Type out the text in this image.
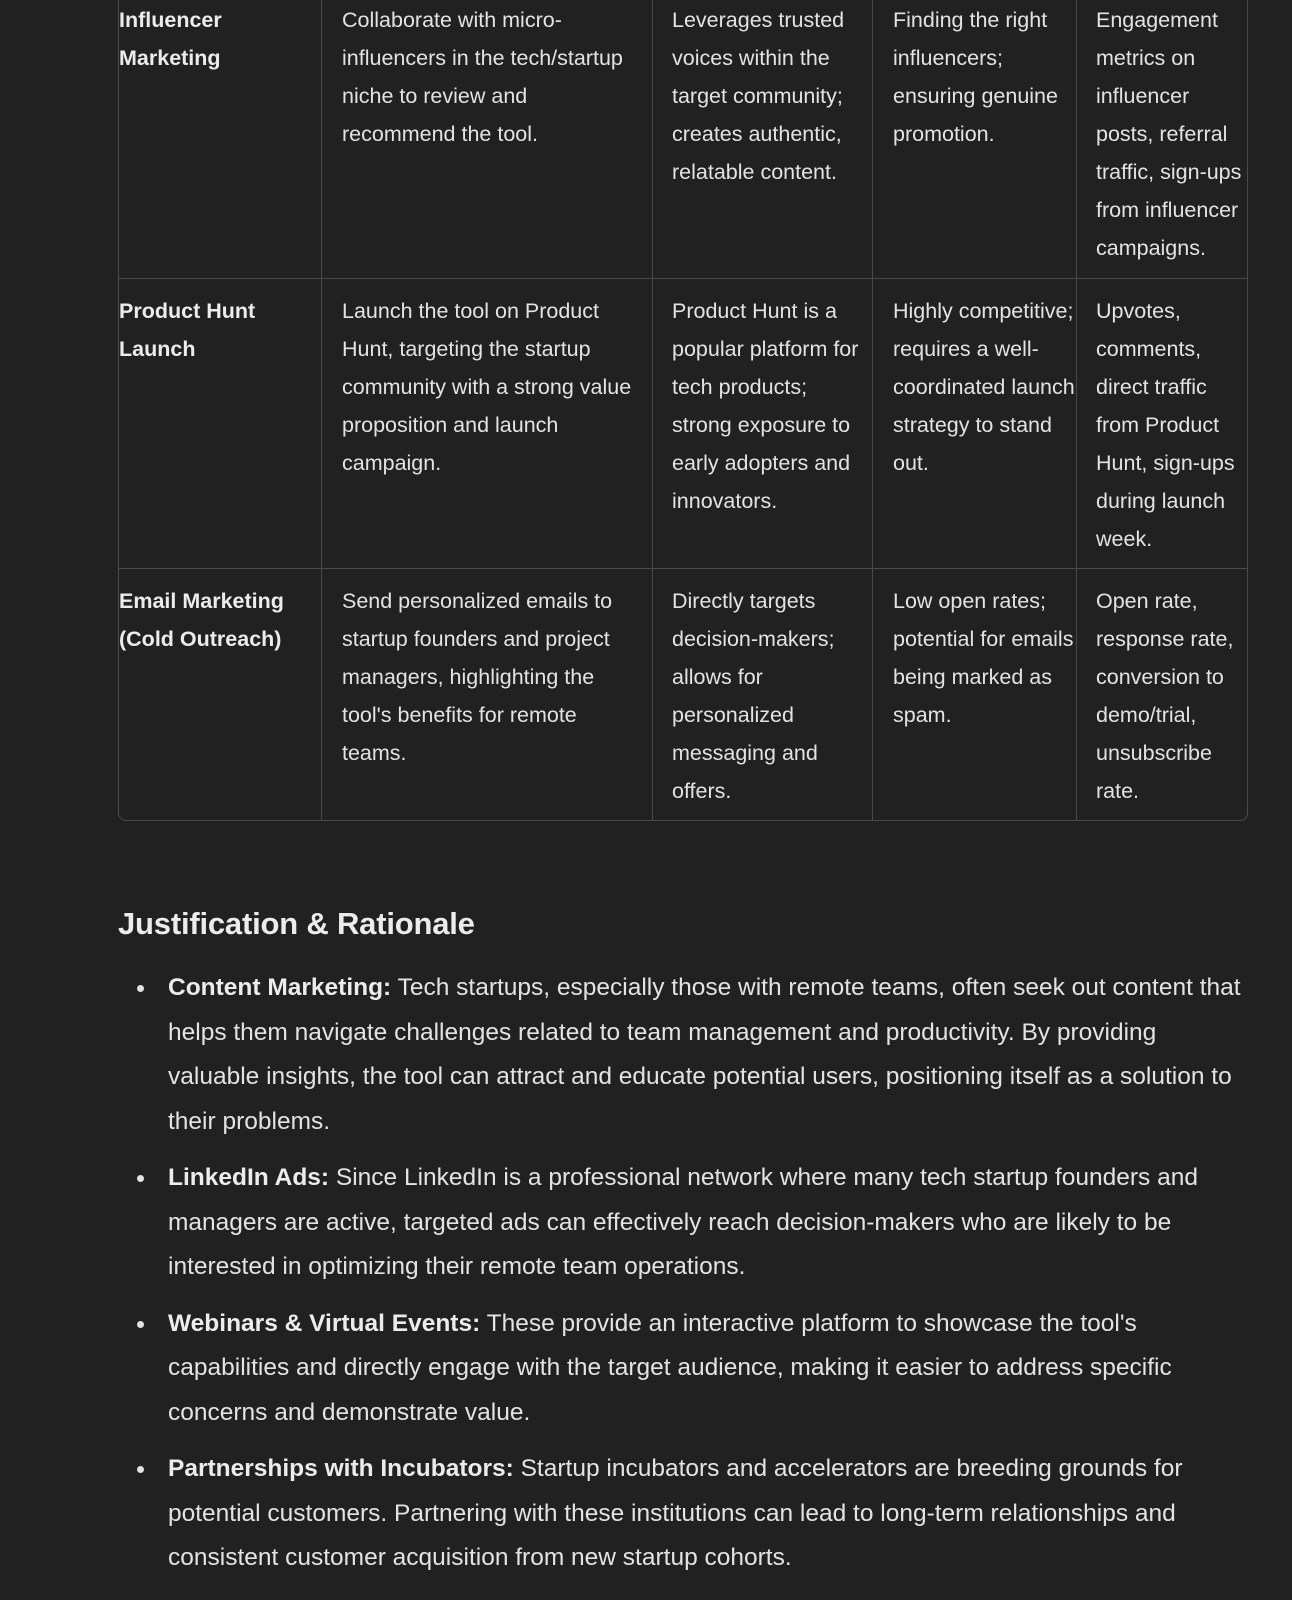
Influencer
Marketing	Collaborate with micro-influencers in the tech/startup niche to review and recommend the tool.	Leverages trusted voices within the target community; creates authentic, relatable content.	Finding the right influencers; ensuring genuine promotion.	Engagement metrics on influencer posts, referral traffic, sign-ups from influencer campaigns.

Product Hunt
Launch	Launch the tool on Product Hunt, targeting the startup community with a strong value proposition and launch campaign.	Product Hunt is a popular platform for tech products; strong exposure to early adopters and innovators.	Highly competitive; requires a well-coordinated launch strategy to stand out.	Upvotes, comments, direct traffic from Product Hunt, sign-ups during launch week.

Email Marketing
(Cold Outreach)	Send personalized emails to startup founders and project managers, highlighting the tool's benefits for remote teams.	Directly targets decision-makers; allows for personalized messaging and offers.	Low open rates; potential for emails being marked as spam.	Open rate, response rate, conversion to demo/trial, unsubscribe rate.
Justification & Rationale
Content Marketing: Tech startups, especially those with remote teams, often seek out content that helps them navigate challenges related to team management and productivity. By providing valuable insights, the tool can attract and educate potential users, positioning itself as a solution to their problems.
LinkedIn Ads: Since LinkedIn is a professional network where many tech startup founders and managers are active, targeted ads can effectively reach decision-makers who are likely to be interested in optimizing their remote team operations.
Webinars & Virtual Events: These provide an interactive platform to showcase the tool's capabilities and directly engage with the target audience, making it easier to address specific concerns and demonstrate value.
Partnerships with Incubators: Startup incubators and accelerators are breeding grounds for potential customers. Partnering with these institutions can lead to long-term relationships and consistent customer acquisition from new startup cohorts.
